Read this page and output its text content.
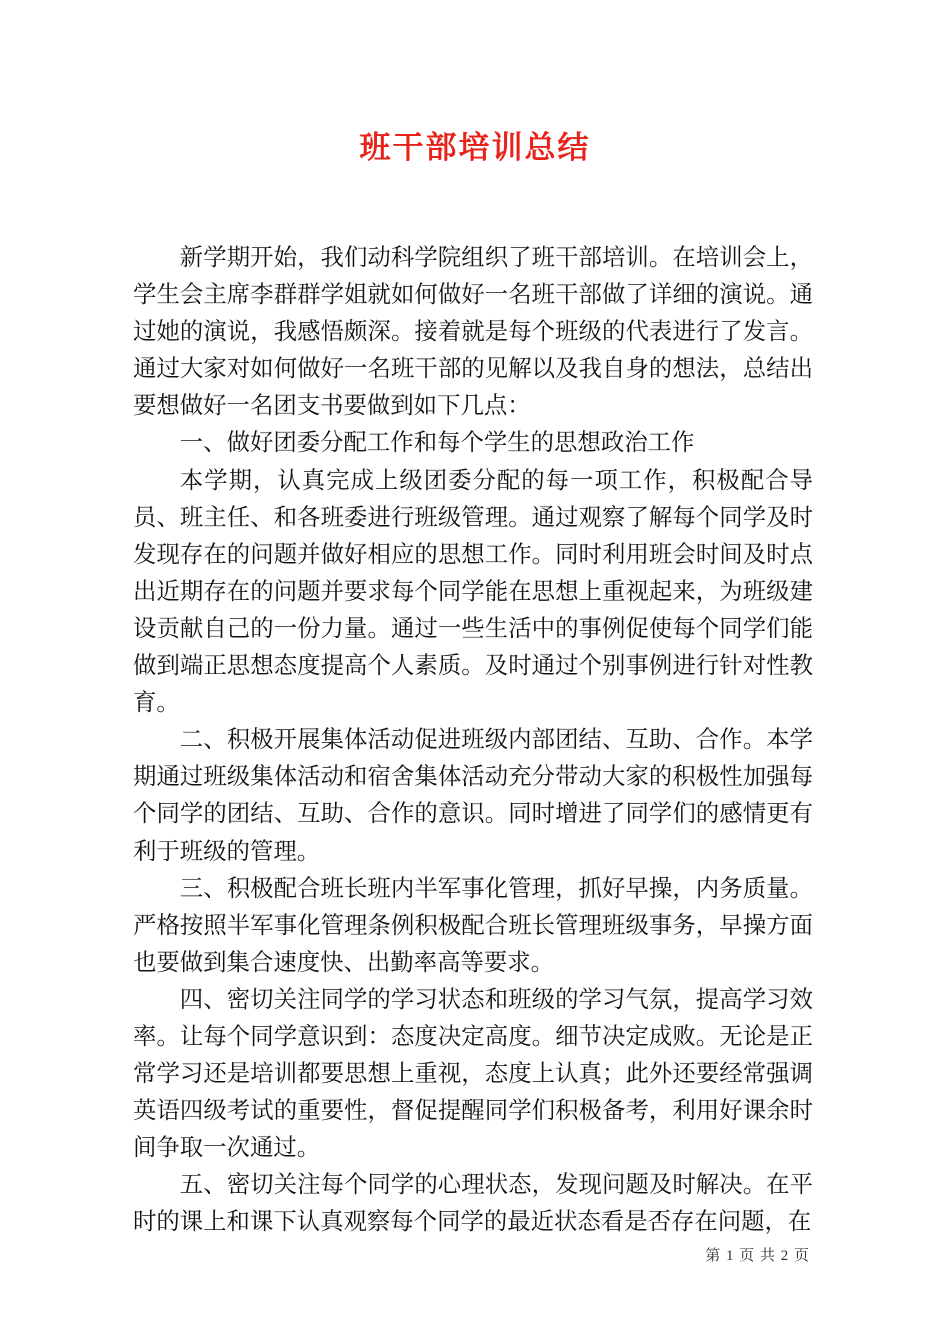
班干部培训总结

新学期开始，我们动科学院组织了班干部培训。在培训会上，学生会主席李群群学姐就如何做好一名班干部做了详细的演说。通过她的演说，我感悟颇深。接着就是每个班级的代表进行了发言。通过大家对如何做好一名班干部的见解以及我自身的想法，总结出要想做好一名团支书要做到如下几点：

一、做好团委分配工作和每个学生的思想政治工作

本学期，认真完成上级团委分配的每一项工作，积极配合导员、班主任、和各班委进行班级管理。通过观察了解每个同学及时发现存在的问题并做好相应的思想工作。同时利用班会时间及时点出近期存在的问题并要求每个同学能在思想上重视起来，为班级建设贡献自己的一份力量。通过一些生活中的事例促使每个同学们能做到端正思想态度提高个人素质。及时通过个别事例进行针对性教育。

二、积极开展集体活动促进班级内部团结、互助、合作。本学期通过班级集体活动和宿舍集体活动充分带动大家的积极性加强每个同学的团结、互助、合作的意识。同时增进了同学们的感情更有利于班级的管理。

三、积极配合班长班内半军事化管理，抓好早操，内务质量。严格按照半军事化管理条例积极配合班长管理班级事务，早操方面也要做到集合速度快、出勤率高等要求。

四、密切关注同学的学习状态和班级的学习气氛，提高学习效率。让每个同学意识到：态度决定高度。细节决定成败。无论是正常学习还是培训都要思想上重视，态度上认真；此外还要经常强调英语四级考试的重要性，督促提醒同学们积极备考，利用好课余时间争取一次通过。

五、密切关注每个同学的心理状态，发现问题及时解决。在平时的课上和课下认真观察每个同学的最近状态看是否存在问题，在

第 1 页 共 2 页
